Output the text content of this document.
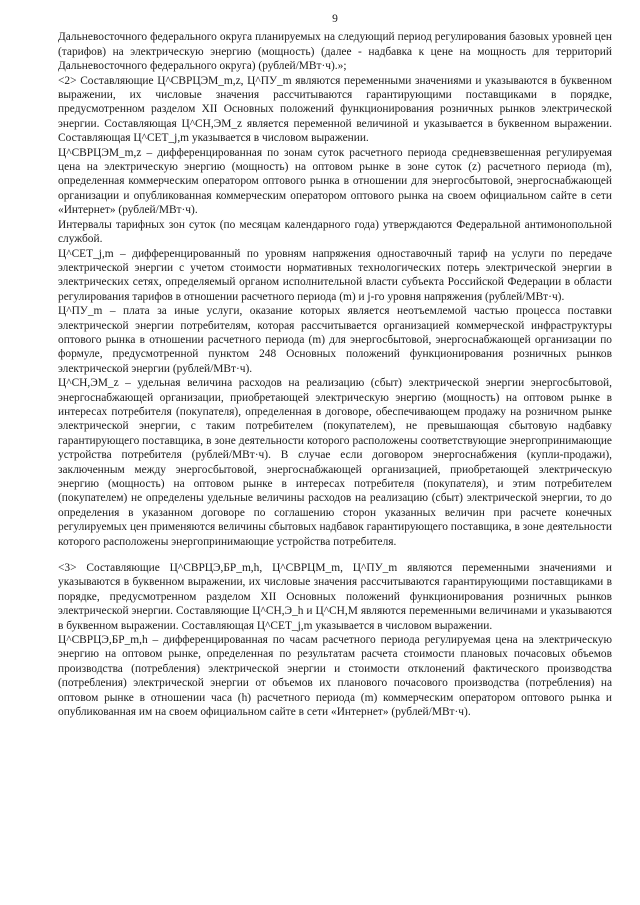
9

Дальневосточного федерального округа планируемых на следующий период регулирования базовых уровней цен (тарифов) на электрическую энергию (мощность) (далее - надбавка к цене на мощность для территорий Дальневосточного федерального округа) (рублей/МВт·ч).»;

<2> Составляющие Ц^СВРЦЭМ_m,z, Ц^ПУ_m являются переменными значениями и указываются в буквенном выражении, их числовые значения рассчитываются гарантирующими поставщиками в порядке, предусмотренном разделом XII Основных положений функционирования розничных рынков электрической энергии. Составляющая Ц^СН,ЭМ_z является переменной величиной и указывается в буквенном выражении. Составляющая Ц^СЕТ_j,m указывается в числовом выражении.

Ц^СВРЦЭМ_m,z – дифференцированная по зонам суток расчетного периода средневзвешенная регулируемая цена на электрическую энергию (мощность) на оптовом рынке в зоне суток (z) расчетного периода (m), определенная коммерческим оператором оптового рынка в отношении для энергосбытовой, энергоснабжающей организации и опубликованная коммерческим оператором оптового рынка на своем официальном сайте в сети «Интернет» (рублей/МВт·ч).

Интервалы тарифных зон суток (по месяцам календарного года) утверждаются Федеральной антимонопольной службой.

Ц^СЕТ_j,m – дифференцированный по уровням напряжения одноставочный тариф на услуги по передаче электрической энергии с учетом стоимости нормативных технологических потерь электрической энергии в электрических сетях, определяемый органом исполнительной власти субъекта Российской Федерации в области регулирования тарифов в отношении расчетного периода (m) и j-го уровня напряжения (рублей/МВт·ч).

Ц^ПУ_m – плата за иные услуги, оказание которых является неотъемлемой частью процесса поставки электрической энергии потребителям, которая рассчитывается организацией коммерческой инфраструктуры оптового рынка в отношении расчетного периода (m) для энергосбытовой, энергоснабжающей организации по формуле, предусмотренной пунктом 248 Основных положений функционирования розничных рынков электрической энергии (рублей/МВт·ч).

Ц^СН,ЭМ_z – удельная величина расходов на реализацию (сбыт) электрической энергии энергосбытовой, энергоснабжающей организации, приобретающей электрическую энергию (мощность) на оптовом рынке в интересах потребителя (покупателя), определенная в договоре, обеспечивающем продажу на розничном рынке электрической энергии, с таким потребителем (покупателем), не превышающая сбытовую надбавку гарантирующего поставщика, в зоне деятельности которого расположены соответствующие энергопринимающие устройства потребителя (рублей/МВт·ч). В случае если договором энергоснабжения (купли-продажи), заключенным между энергосбытовой, энергоснабжающей организацией, приобретающей электрическую энергию (мощность) на оптовом рынке в интересах потребителя (покупателя), и этим потребителем (покупателем) не определены удельные величины расходов на реализацию (сбыт) электрической энергии, то до определения в указанном договоре по соглашению сторон указанных величин при расчете конечных регулируемых цен применяются величины сбытовых надбавок гарантирующего поставщика, в зоне деятельности которого расположены энергопринимающие устройства потребителя.

<3> Составляющие Ц^СВРЦЭ,БР_m,h, Ц^СВРЦМ_m, Ц^ПУ_m являются переменными значениями и указываются в буквенном выражении, их числовые значения рассчитываются гарантирующими поставщиками в порядке, предусмотренном разделом XII Основных положений функционирования розничных рынков электрической энергии. Составляющие Ц^СН,Э_h и Ц^СН,М являются переменными величинами и указываются в буквенном выражении. Составляющая Ц^СЕТ_j,m указывается в числовом выражении.

Ц^СВРЦЭ,БР_m,h – дифференцированная по часам расчетного периода регулируемая цена на электрическую энергию на оптовом рынке, определенная по результатам расчета стоимости плановых почасовых объемов производства (потребления) электрической энергии и стоимости отклонений фактического производства (потребления) электрической энергии от объемов их планового почасового производства (потребления) на оптовом рынке в отношении часа (h) расчетного периода (m) коммерческим оператором оптового рынка и опубликованная им на своем официальном сайте в сети «Интернет» (рублей/МВт·ч).
